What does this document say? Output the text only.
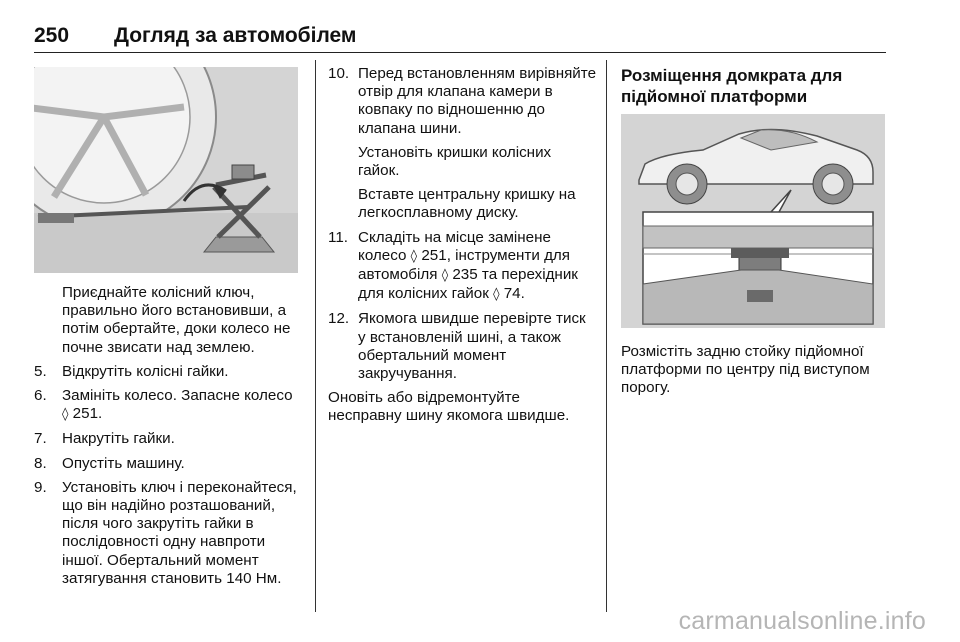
250 Догляд за автомобілем

Приєднайте колісний ключ, правильно його встановивши, а потім обертайте, доки колесо не почне звисати над землею.

5. Відкрутіть колісні гайки.
6. Замініть колесо. Запасне колесо ◊ 251.
7. Накрутіть гайки.
8. Опустіть машину.
9. Установіть ключ і переконайтеся, що він надійно розташований, після чого закрутіть гайки в послідовності одну навпроти іншої. Обертальний момент затягування становить 140 Нм.
10. Перед встановленням вирівняйте отвір для клапана камери в ковпаку по відношенню до клапана шини.

Установіть кришки колісних гайок.

Вставте центральну кришку на легкосплавному диску.

11. Складіть на місце замінене колесо ◊ 251, інструменти для автомобіля ◊ 235 та перехідник для колісних гайок ◊ 74.
12. Якомога швидше перевірте тиск у встановленій шині, а також обертальний момент закручування.

Оновіть або відремонтуйте несправну шину якомога швидше.

Розміщення домкрата для підйомної платформи
Розмістіть задню стойку підйомної платформи по центру під виступом порогу.
carmanualsonline.info
